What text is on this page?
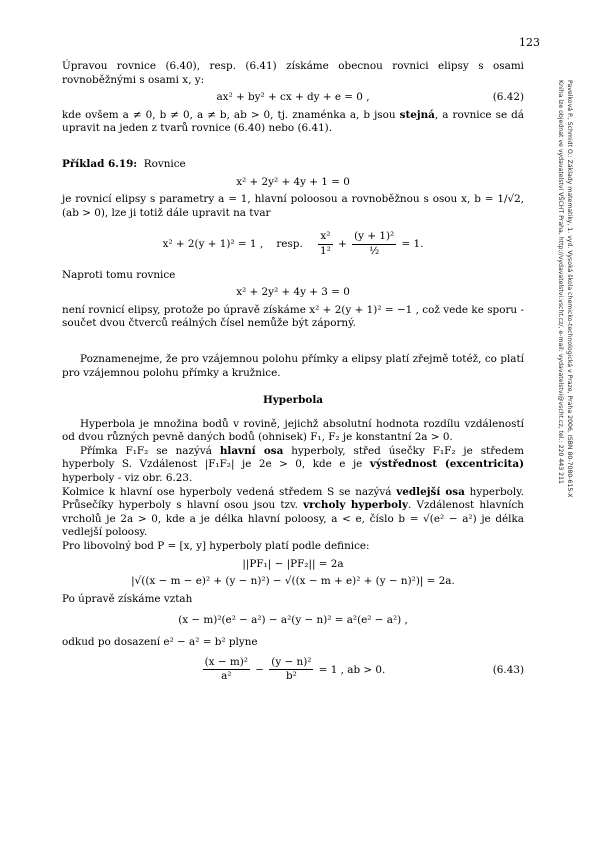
123
Pavelková P., Schmidt O.: Základy matematiky, 1. vyd. Vysoká škola chemicko-technologická v Praze, Praha 2006, ISBN 80-7080-615-X
Kniha lze objednat ve vydavatelství VŠCHT Praha, http://vydavatelstvi.vscht.cz/, e-mail: vydavatelstvi@vscht.cz, tel.: 220 443 211

Úpravou rovnice (6.40), resp. (6.41) získáme obecnou rovnici elipsy s osami rovnoběžnými s osami x, y:

ax² + by² + cx + dy + e = 0 ,	(6.42)

kde ovšem a ≠ 0, b ≠ 0, a ≠ b, ab > 0, tj. znaménka a, b jsou stejná, a rovnice se dá upravit na jeden z tvarů rovnice (6.40) nebo (6.41).

Příklad 6.19: Rovnice

x² + 2y² + 4y + 1 = 0

je rovnicí elipsy s parametry a = 1, hlavní poloosou a rovnoběžnou s osou x, b = 1/√2, (ab > 0), lze ji totiž dále upravit na tvar

x² + 2(y + 1)² = 1 , resp. $\frac{\text{x²}}{\text{1²}} + \frac{\text{(y + 1)²}}{\text{½}} = 1$.

Naproti tomu rovnice

x² + 2y² + 4y + 3 = 0

není rovnicí elipsy, protože po úpravě získáme x² + 2(y + 1)² = −1 , což vede ke sporu - součet dvou čtverců reálných čísel nemůže být záporný.

Poznamenejme, že pro vzájemnou polohu přímky a elipsy platí zřejmě totéž, co platí pro vzájemnou polohu přímky a kružnice.

Hyperbola

Hyperbola je množina bodů v rovině, jejichž absolutní hodnota rozdílu vzdáleností od dvou různých pevně daných bodů (ohnisek) F₁, F₂ je konstantní 2a > 0.

Přímka F₁F₂ se nazývá hlavní osa hyperboly, střed úsečky F₁F₂ je středem hyperboly S. Vzdálenost |F₁F₂| je 2e > 0, kde e je výstřednost (excentricita) hyperboly - viz obr. 6.23.

Kolmice k hlavní ose hyperboly vedená středem S se nazývá vedlejší osa hyperboly. Průsečíky hyperboly s hlavní osou jsou tzv. vrcholy hyperboly. Vzdálenost hlavních vrcholů je 2a > 0, kde a je délka hlavní poloosy, a < e, číslo b = √(e² − a²) je délka vedlejší poloosy.

Pro libovolný bod P = [x, y] hyperboly platí podle definice:

||PF₁| − |PF₂|| = 2a
|√((x − m − e)² + (y − n)²) − √((x − m + e)² + (y − n)²)| = 2a.

Po úpravě získáme vztah

(x − m)²(e² − a²) − a²(y − n)² = a²(e² − a²) ,

odkud po dosazení e² − a² = b² plyne

$\frac{\text{(x − m)²}}{\text{a²}} - \frac{\text{(y − n)²}}{\text{b²}} = 1$ , ab > 0.	(6.43)
